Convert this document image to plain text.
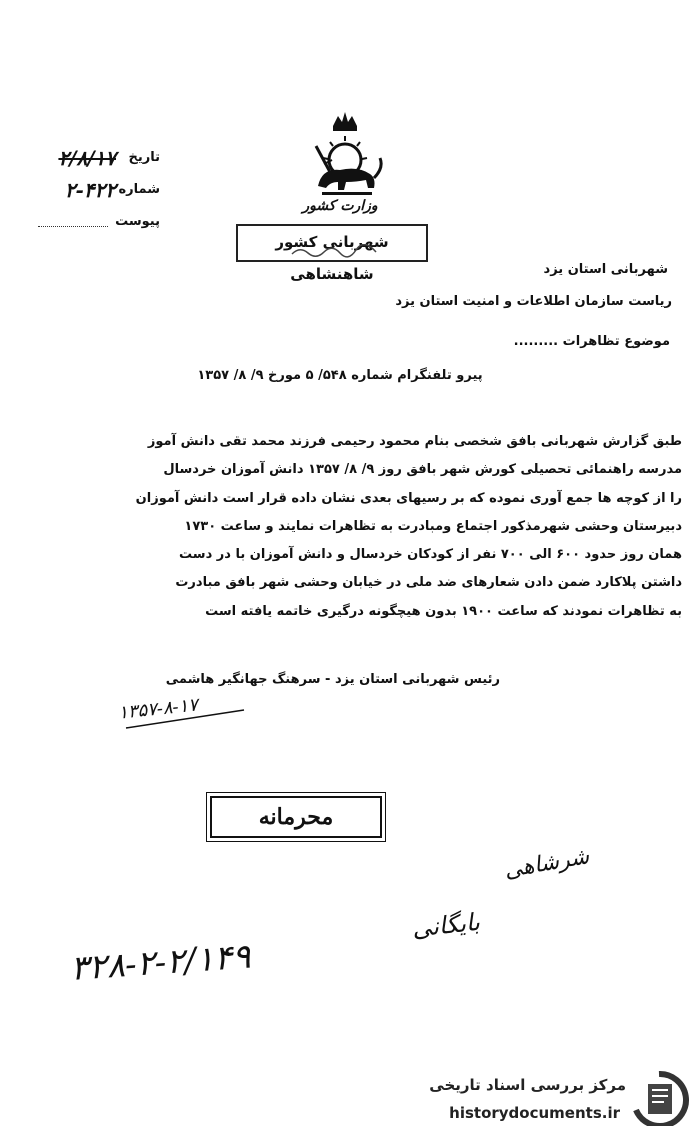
تاریخ
۲/۸/۱۷
شماره
۲-۴۲۲
پیوست
وزارت کشور
شهربانی کشور شاهنشاهی	شهربانی استان یزد
ریاست سازمان اطلاعات و امنیت استان یزد
موضوع تظاهرات .........
پیرو تلفنگرام شماره ۵۴۸/ ۵ مورخ ۹/ ۸/ ۱۳۵۷
طبق گزارش شهربانی بافق شخصی بنام محمود رحیمی فرزند محمد تقی دانش آموز
مدرسه راهنمائی تحصیلی کورش شهر بافق روز ۹/ ۸/ ۱۳۵۷ دانش آموزان خردسال
را از کوچه ها جمع آوری نموده که بر رسیهای بعدی نشان داده قرار است دانش آموزان
دبیرستان وحشی شهرمذکور اجتماع ومبادرت به تظاهرات نمایند و ساعت ۱۷۳۰
همان روز حدود ۶۰۰ الی ۷۰۰ نفر از کودکان خردسال و دانش آموزان با در دست
داشتن پلاکارد ضمن دادن شعارهای ضد ملی در خیابان وحشی شهر بافق مبادرت
به تظاهرات نمودند که ساعت ۱۹۰۰ بدون هیچگونه درگیری خاتمه یافته است
رئیس شهربانی استان یزد - سرهنگ جهانگیر هاشمی
۱۳۵۷-۸-۱۷
محرمانه
شرشاهی
بایگانی
۳۲۸-۲-۲/۱۴۹
مرکز بررسی اسناد تاریخی
historydocuments.ir
